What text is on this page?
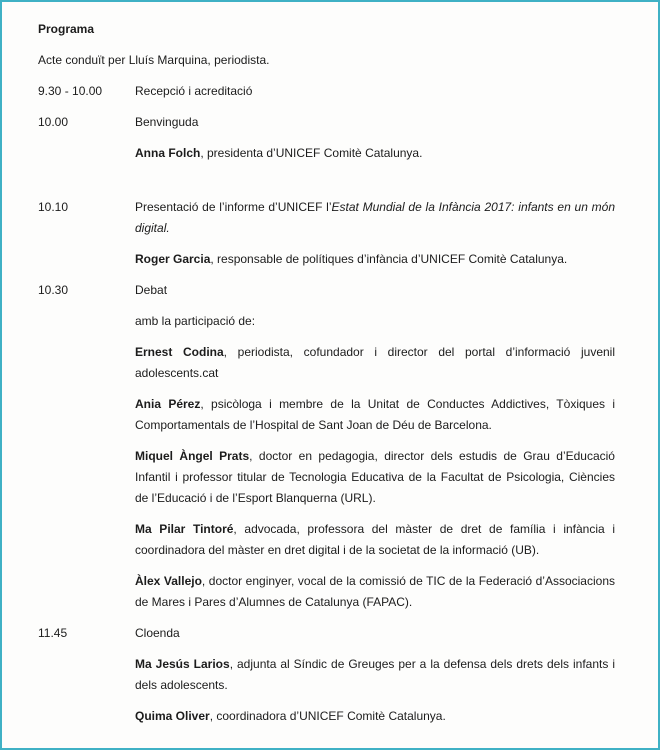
Programa

Acte conduït per Lluís Marquina, periodista.

9.30 - 10.00	Recepció i acreditació

10.00	Benvinguda

Anna Folch, presidenta d’UNICEF Comitè Catalunya.

10.10	Presentació de l’informe d’UNICEF l’Estat Mundial de la Infància 2017: infants en un món digital.

Roger Garcia, responsable de polítiques d’infància d’UNICEF Comitè Catalunya.

10.30	Debat

amb la participació de:

Ernest Codina, periodista, cofundador i director del portal d’informació juvenil adolescents.cat

Ania Pérez, psicòloga i membre de la Unitat de Conductes Addictives, Tòxiques i Comportamentals de l’Hospital de Sant Joan de Déu de Barcelona.

Miquel Àngel Prats, doctor en pedagogia, director dels estudis de Grau d’Educació Infantil i professor titular de Tecnologia Educativa de la Facultat de Psicologia, Ciències de l’Educació i de l’Esport Blanquerna (URL).

Ma Pilar Tintoré, advocada, professora del màster de dret de família i infància i coordinadora del màster en dret digital i de la societat de la informació (UB).

Àlex Vallejo, doctor enginyer, vocal de la comissió de TIC de la Federació d’Associacions de Mares i Pares d’Alumnes de Catalunya (FAPAC).

11.45	Cloenda

Ma Jesús Larios, adjunta al Síndic de Greuges per a la defensa dels drets dels infants i dels adolescents.

Quima Oliver, coordinadora d’UNICEF Comitè Catalunya.
